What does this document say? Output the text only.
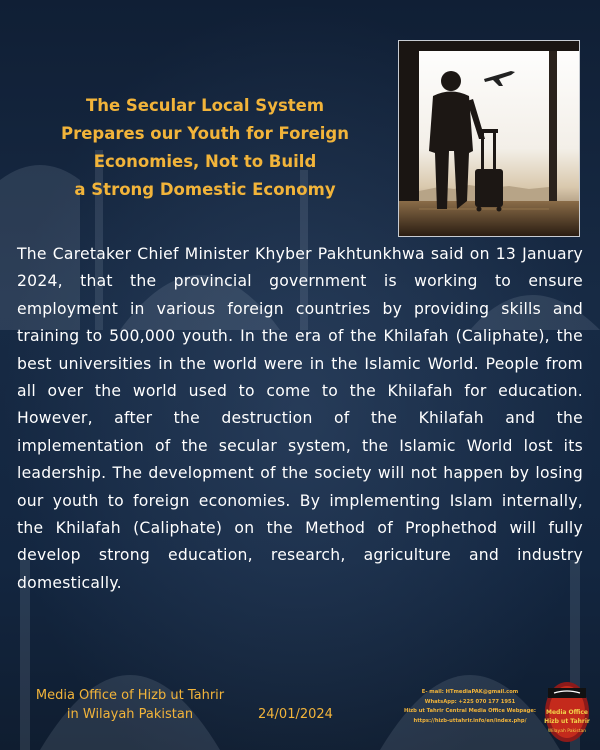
The Secular Local System
Prepares our Youth for Foreign
Economies, Not to Build
a Strong Domestic Economy
The Caretaker Chief Minister Khyber Pakhtunkhwa said on 13 January 2024, that the provincial government is working to ensure employment in various foreign countries by providing skills and training to 500,000 youth. In the era of the Khilafah (Caliphate), the best universities in the world were in the Islamic World. People from all over the world used to come to the Khilafah for education. However, after the destruction of the Khilafah and the implementation of the secular system, the Islamic World lost its leadership. The development of the society will not happen by losing our youth to foreign economies. By implementing Islam internally, the Khilafah (Caliphate) on the Method of Prophethod will fully develop strong education, research, agriculture and industry domestically.
Media Office of Hizb ut Tahrir
in Wilayah Pakistan	24/01/2024
E- mail: HTmediaPAK@gmail.com
WhatsApp: +225 070 177 1951
Hizb ut Tahrir Central Media Office Webpage:
https://hizb-uttahrir.info/en/index.php/
Media Office
Hizb ut Tahrir
Wilayah Pakistan
